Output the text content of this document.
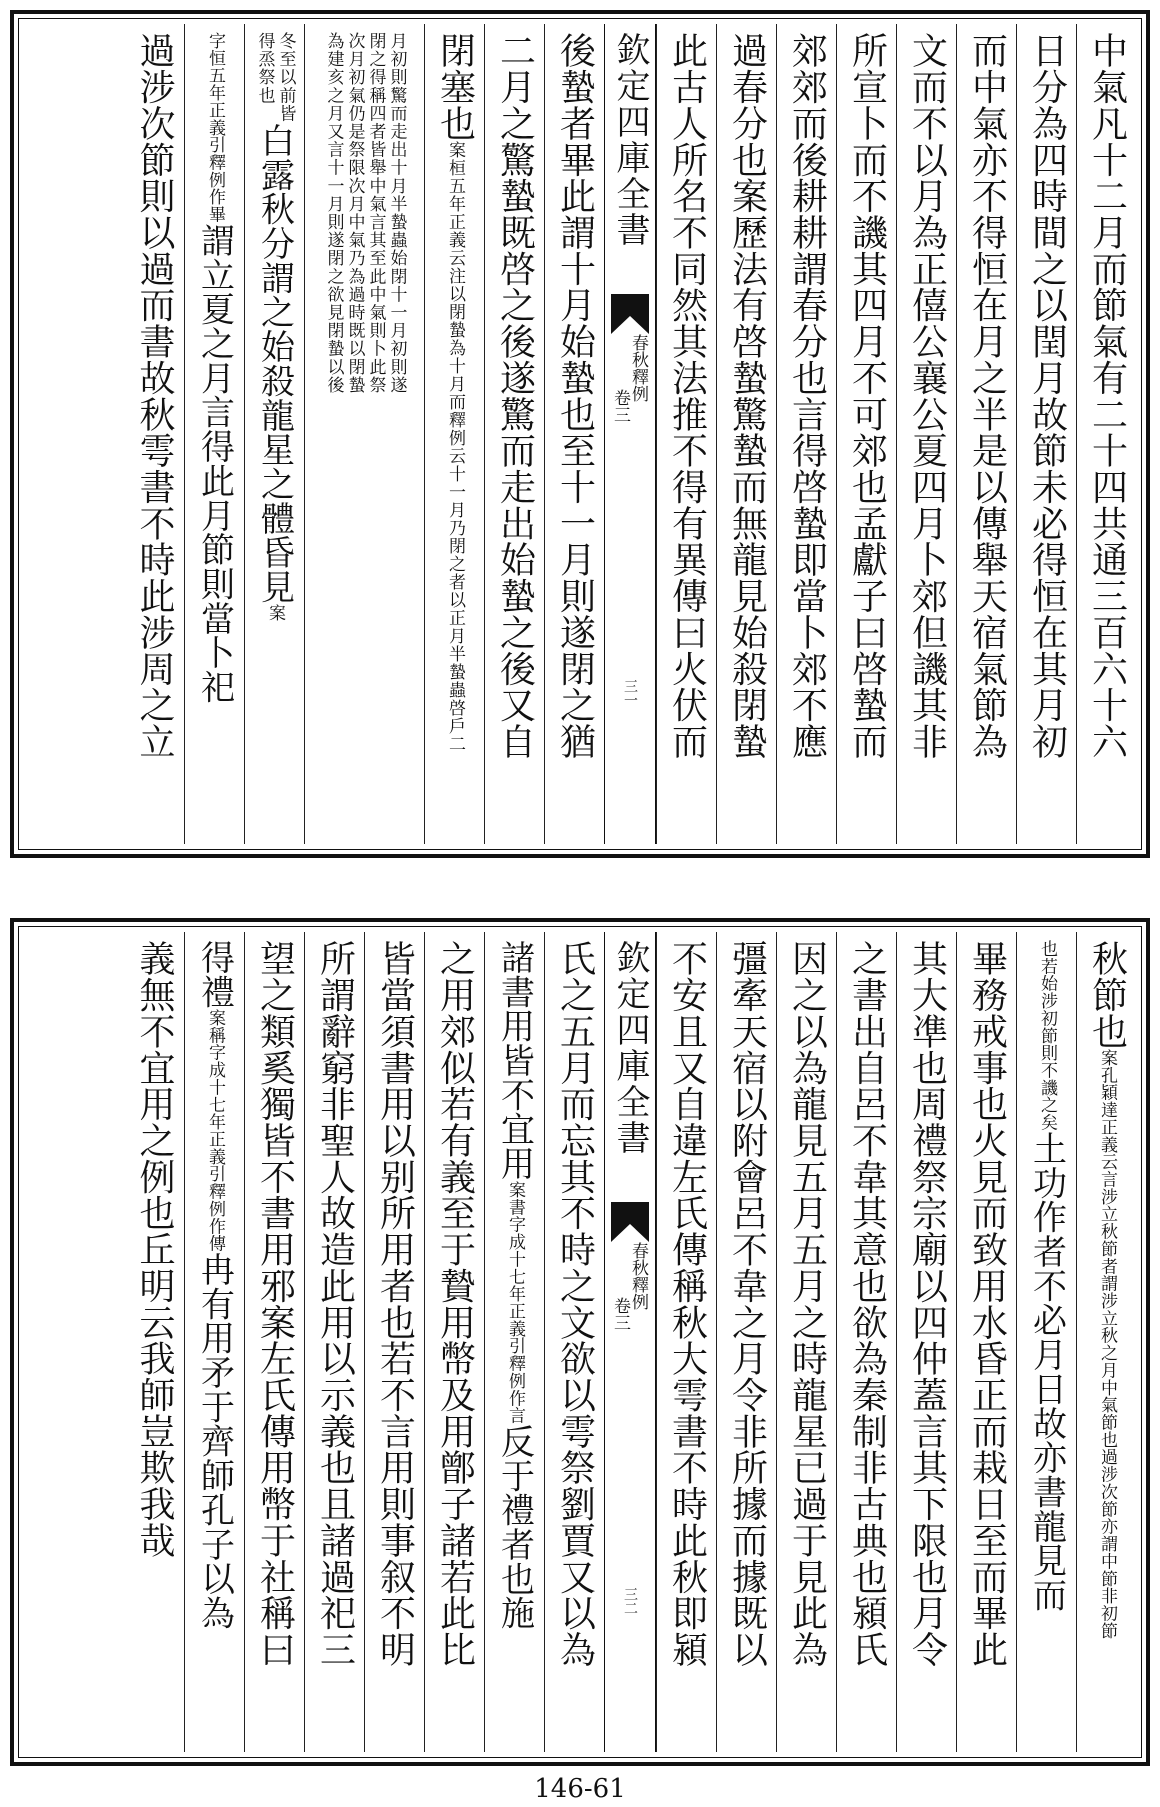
中氣凡十二月而節氣有二十四共通三百六十六
日分為四時間之以閏月故節未必得恒在其月初
而中氣亦不得恒在月之半是以傳舉天宿氣節為
文而不以月為正僖公襄公夏四月卜郊但譏其非
所宣卜而不譏其四月不可郊也孟獻子曰啓蟄而
郊郊而後耕耕謂春分也言得啓蟄即當卜郊不應
過春分也案歷法有啓蟄驚蟄而無龍見始殺閉蟄
此古人所名不同然其法推不得有異傳曰火伏而
欽定四庫全書
春秋釋例
卷三
三一
後蟄者畢此謂十月始蟄也至十一月則遂閉之猶
二月之驚蟄既啓之後遂驚而走出始蟄之後又自
閉塞也
案桓五年正義云注以閉蟄為十月而釋例云十一月乃閉之者以正月半蟄蟲啓戶二
月初則驚而走出十月半蟄蟲始閉十一月初則遂
閉之得稱四者皆舉中氣言其至此中氣則卜此祭
次月初氣仍是祭限次月中氣乃為過時既以閉蟄
為建亥之月又言十一月則遂閉之欲見閉蟄以後
冬至以前皆
得烝祭也
白露秋分謂之始殺龍星之體昏見
案
字恒五年正義引釋例作畢
謂立夏之月言得此月節則當卜祀
過涉次節則以過而書故秋雩書不時此涉周之立
秋節也
案孔穎達正義云言涉立秋節者謂涉立秋之月中氣節也過涉次節亦謂中節非初節
也若始涉初節則不譏之矣
土功作者不必月日故亦書龍見而
畢務戒事也火見而致用水昏正而栽日至而畢此
其大凖也周禮祭宗廟以四仲蓋言其下限也月令
之書出自呂不韋其意也欲為秦制非古典也潁氏
因之以為龍見五月五月之時龍星已過于見此為
彊牽天宿以附會呂不韋之月令非所據而據既以
不安且又自違左氏傳稱秋大雩書不時此秋即潁
欽定四庫全書
春秋釋例
卷三
三二
氏之五月而忘其不時之文欲以雩祭劉賈又以為
諸書用皆不宜用
案書字成十七年正義引釋例作言
反于禮者也施
之用郊似若有義至于贄用幣及用鄫子諸若此比
皆當須書用以别所用者也若不言用則事叙不明
所謂辭窮非聖人故造此用以示義也且諸過祀三
望之類奚獨皆不書用邪案左氏傳用幣于社稱曰
得禮
案稱字成十七年正義引釋例作傳
冉有用矛于齊師孔子以為
義無不宜用之例也丘明云我師豈欺我哉
146-61
